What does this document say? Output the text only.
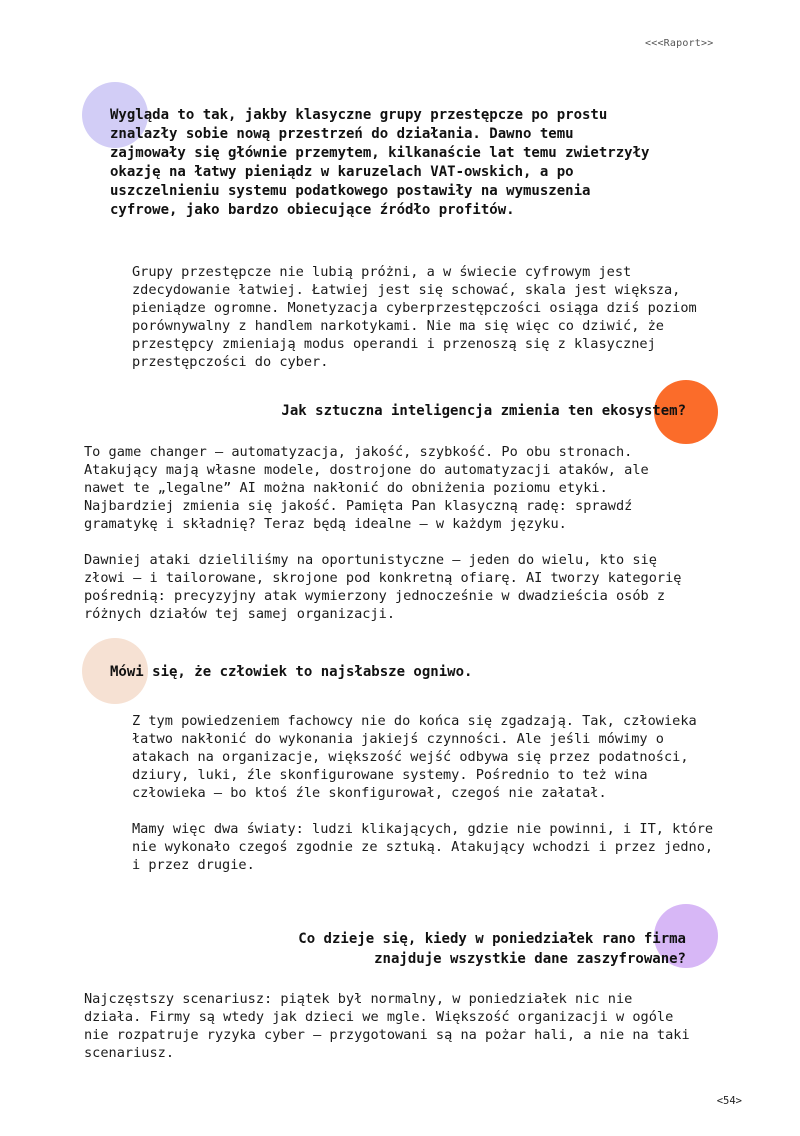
<<<Raport>>

Wygląda to tak, jakby klasyczne grupy przestępcze po prostu znalazły sobie nową przestrzeń do działania. Dawno temu zajmowały się głównie przemytem, kilkanaście lat temu zwietrzyły okazję na łatwy pieniądz w karuzelach VAT-owskich, a po uszczelnieniu systemu podatkowego postawiły na wymuszenia cyfrowe, jako bardzo obiecujące źródło profitów.

Grupy przestępcze nie lubią próżni, a w świecie cyfrowym jest zdecydowanie łatwiej. Łatwiej jest się schować, skala jest większa, pieniądze ogromne. Monetyzacja cyberprzestępczości osiąga dziś poziom porównywalny z handlem narkotykami. Nie ma się więc co dziwić, że przestępcy zmieniają modus operandi i przenoszą się z klasycznej przestępczości do cyber.

Jak sztuczna inteligencja zmienia ten ekosystem?

To game changer — automatyzacja, jakość, szybkość. Po obu stronach. Atakujący mają własne modele, dostrojone do automatyzacji ataków, ale nawet te „legalne” AI można nakłonić do obniżenia poziomu etyki. Najbardziej zmienia się jakość. Pamięta Pan klasyczną radę: sprawdź gramatykę i składnię? Teraz będą idealne — w każdym języku.

Dawniej ataki dzieliliśmy na oportunistyczne — jeden do wielu, kto się złowi — i tailorowane, skrojone pod konkretną ofiarę. AI tworzy kategorię pośrednią: precyzyjny atak wymierzony jednocześnie w dwadzieścia osób z różnych działów tej samej organizacji.

Mówi się, że człowiek to najsłabsze ogniwo.

Z tym powiedzeniem fachowcy nie do końca się zgadzają. Tak, człowieka łatwo nakłonić do wykonania jakiejś czynności. Ale jeśli mówimy o atakach na organizacje, większość wejść odbywa się przez podatności, dziury, luki, źle skonfigurowane systemy. Pośrednio to też wina człowieka — bo ktoś źle skonfigurował, czegoś nie załatał.

Mamy więc dwa światy: ludzi klikających, gdzie nie powinni, i IT, które nie wykonało czegoś zgodnie ze sztuką. Atakujący wchodzi i przez jedno, i przez drugie.

Co dzieje się, kiedy w poniedziałek rano firma
znajduje wszystkie dane zaszyfrowane?

Najczęstszy scenariusz: piątek był normalny, w poniedziałek nic nie działa. Firmy są wtedy jak dzieci we mgle. Większość organizacji w ogóle nie rozpatruje ryzyka cyber — przygotowani są na pożar hali, a nie na taki scenariusz.

<54>
